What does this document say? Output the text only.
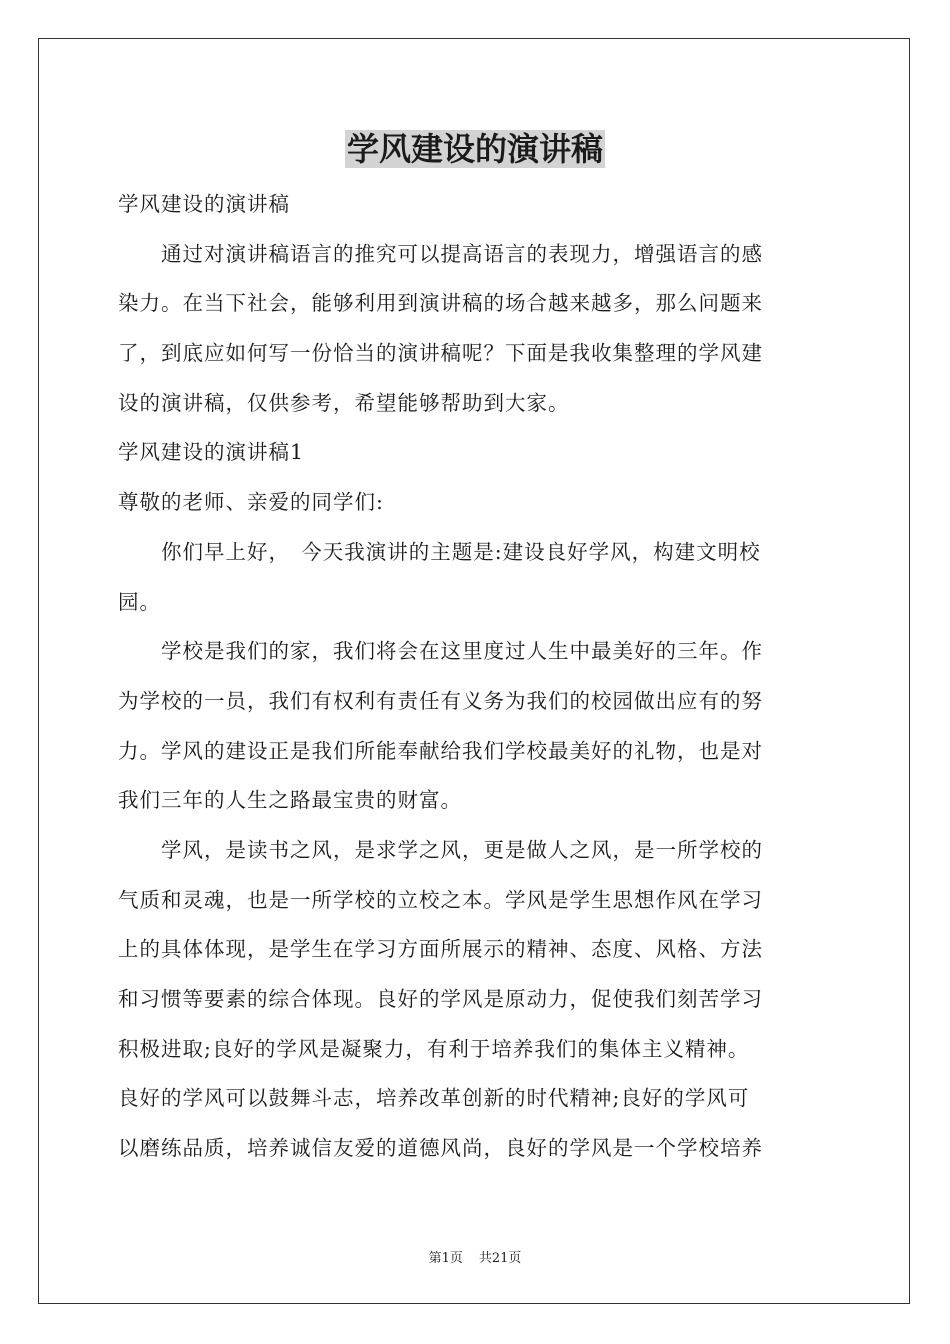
学风建设的演讲稿
学风建设的演讲稿
　　通过对演讲稿语言的推究可以提高语言的表现力，增强语言的感
染力。在当下社会，能够利用到演讲稿的场合越来越多，那么问题来
了，到底应如何写一份恰当的演讲稿呢？下面是我收集整理的学风建
设的演讲稿，仅供参考，希望能够帮助到大家。
学风建设的演讲稿1
尊敬的老师、亲爱的同学们:
　　你们早上好，　今天我演讲的主题是:建设良好学风，构建文明校
园。
　　学校是我们的家，我们将会在这里度过人生中最美好的三年。作
为学校的一员，我们有权利有责任有义务为我们的校园做出应有的努
力。学风的建设正是我们所能奉献给我们学校最美好的礼物，也是对
我们三年的人生之路最宝贵的财富。
　　学风，是读书之风，是求学之风，更是做人之风，是一所学校的
气质和灵魂，也是一所学校的立校之本。学风是学生思想作风在学习
上的具体体现，是学生在学习方面所展示的精神、态度、风格、方法
和习惯等要素的综合体现。良好的学风是原动力，促使我们刻苦学习
积极进取;良好的学风是凝聚力，有利于培养我们的集体主义精神。
良好的学风可以鼓舞斗志，培养改革创新的时代精神;良好的学风可
以磨练品质，培养诚信友爱的道德风尚，良好的学风是一个学校培养
第1页 共21页
